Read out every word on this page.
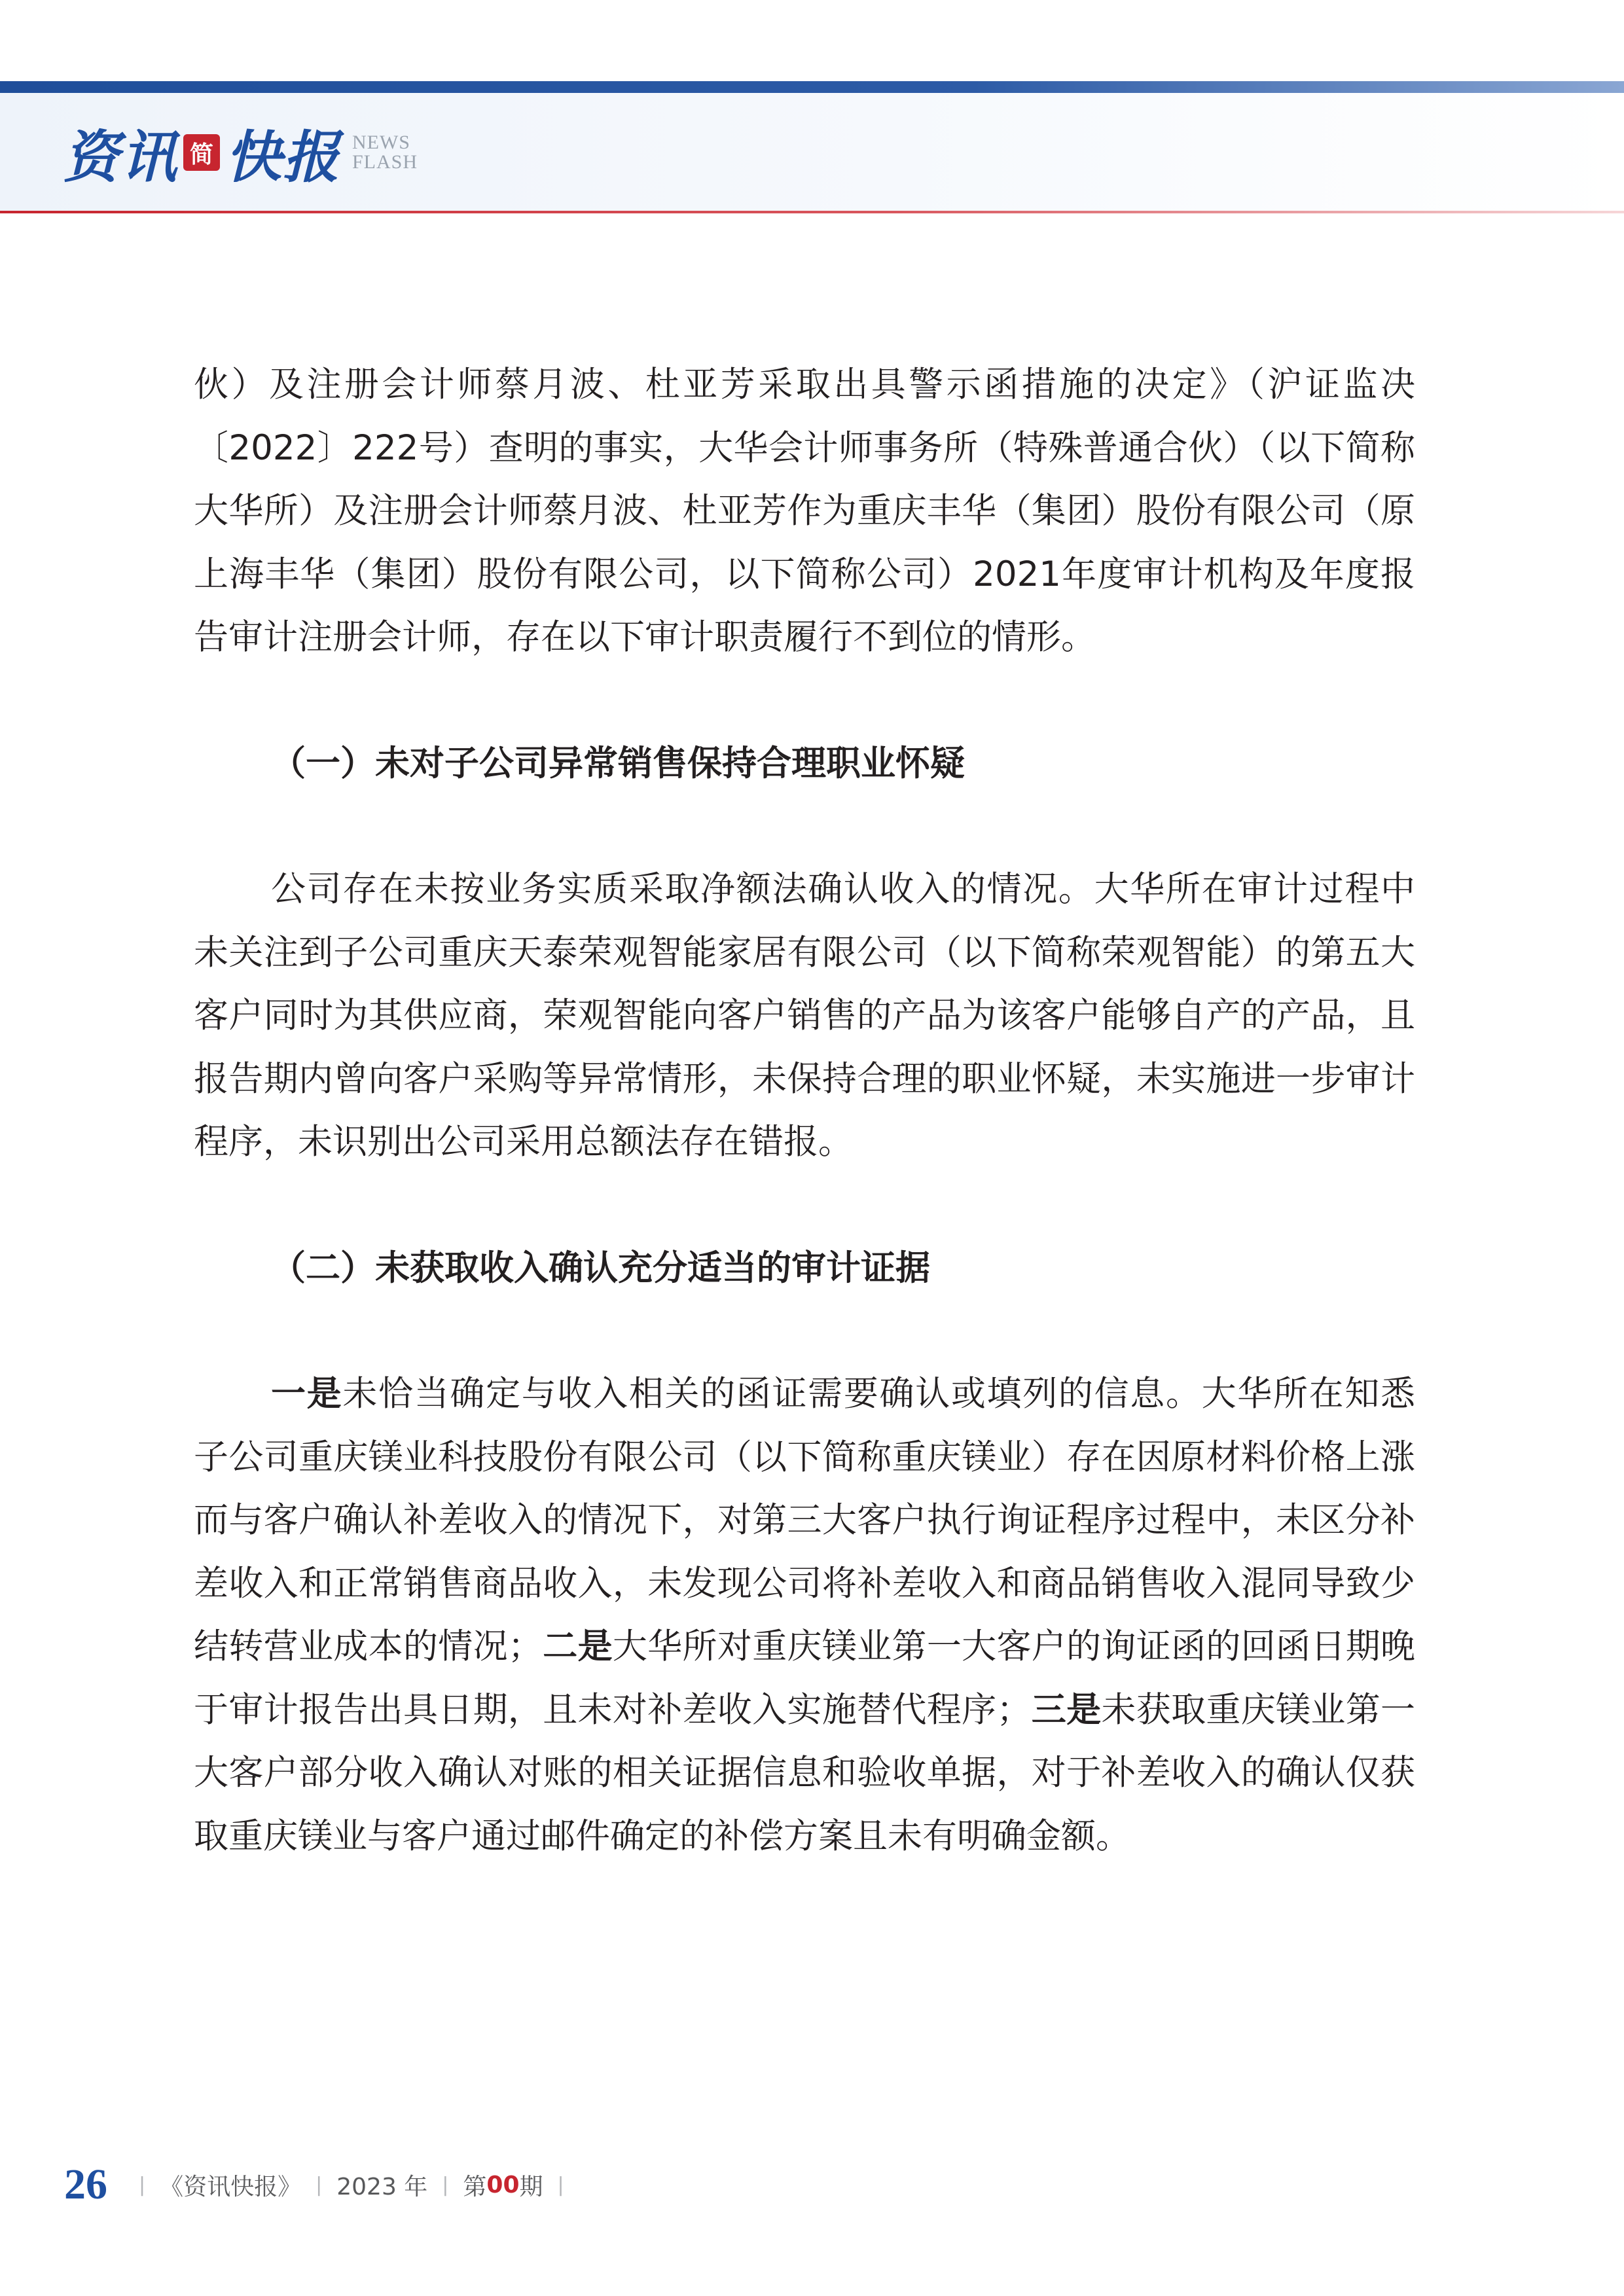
资讯 简 快报 NEWS
FLASH

伙）及注册会计师蔡月波、杜亚芳采取出具警示函措施的决定》（沪证监决〔2022〕222号）查明的事实，大华会计师事务所（特殊普通合伙）（以下简称大华所）及注册会计师蔡月波、杜亚芳作为重庆丰华（集团）股份有限公司（原上海丰华（集团）股份有限公司，以下简称公司）2021年度审计机构及年度报告审计注册会计师，存在以下审计职责履行不到位的情形。

（一）未对子公司异常销售保持合理职业怀疑

公司存在未按业务实质采取净额法确认收入的情况。大华所在审计过程中未关注到子公司重庆天泰荣观智能家居有限公司（以下简称荣观智能）的第五大客户同时为其供应商，荣观智能向客户销售的产品为该客户能够自产的产品，且报告期内曾向客户采购等异常情形，未保持合理的职业怀疑，未实施进一步审计程序，未识别出公司采用总额法存在错报。

（二）未获取收入确认充分适当的审计证据

一是未恰当确定与收入相关的函证需要确认或填列的信息。大华所在知悉子公司重庆镁业科技股份有限公司（以下简称重庆镁业）存在因原材料价格上涨而与客户确认补差收入的情况下，对第三大客户执行询证程序过程中，未区分补差收入和正常销售商品收入，未发现公司将补差收入和商品销售收入混同导致少结转营业成本的情况；二是大华所对重庆镁业第一大客户的询证函的回函日期晚于审计报告出具日期，且未对补差收入实施替代程序；三是未获取重庆镁业第一大客户部分收入确认对账的相关证据信息和验收单据，对于补差收入的确认仅获取重庆镁业与客户通过邮件确定的补偿方案且未有明确金额。

26 | 《资讯快报》 | 2023 年 | 第 00 期 |
